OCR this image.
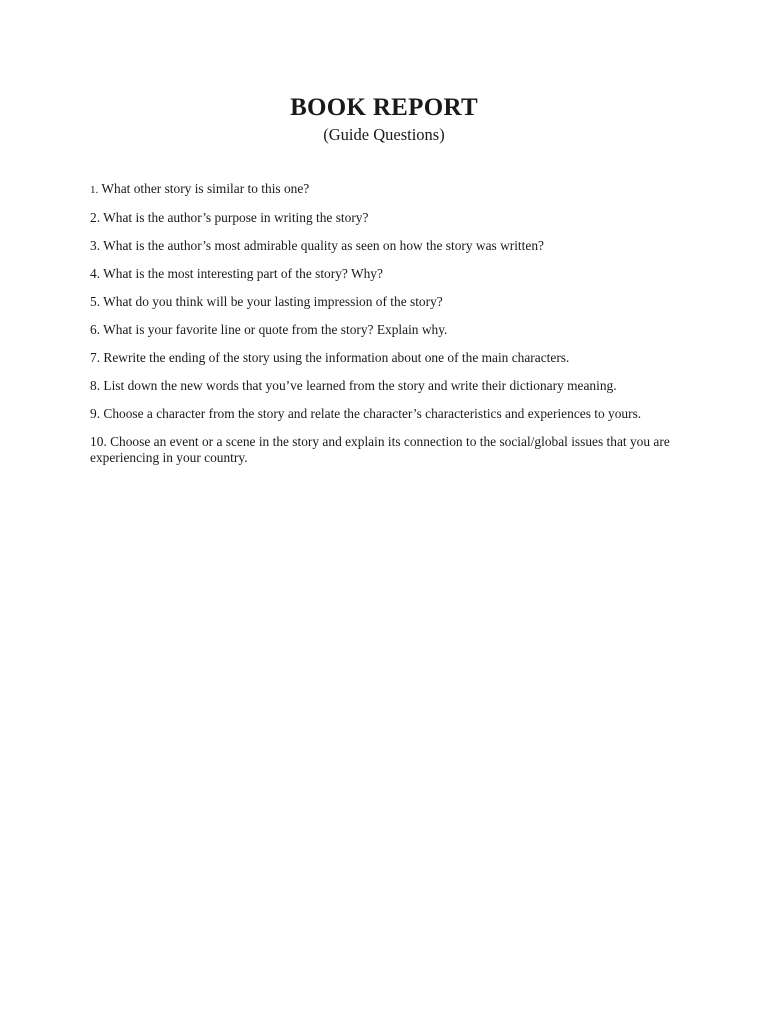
BOOK REPORT
(Guide Questions)
1. What other story is similar to this one?
2. What is the author’s purpose in writing the story?
3. What is the author’s most admirable quality as seen on how the story was written?
4. What is the most interesting part of the story? Why?
5. What do you think will be your lasting impression of the story?
6. What is your favorite line or quote from the story? Explain why.
7. Rewrite the ending of the story using the information about one of the main characters.
8. List down the new words that you’ve learned from the story and write their dictionary meaning.
9. Choose a character from the story and relate the character’s characteristics and experiences to yours.
10. Choose an event or a scene in the story and explain its connection to the social/global issues that you are experiencing in your country.
